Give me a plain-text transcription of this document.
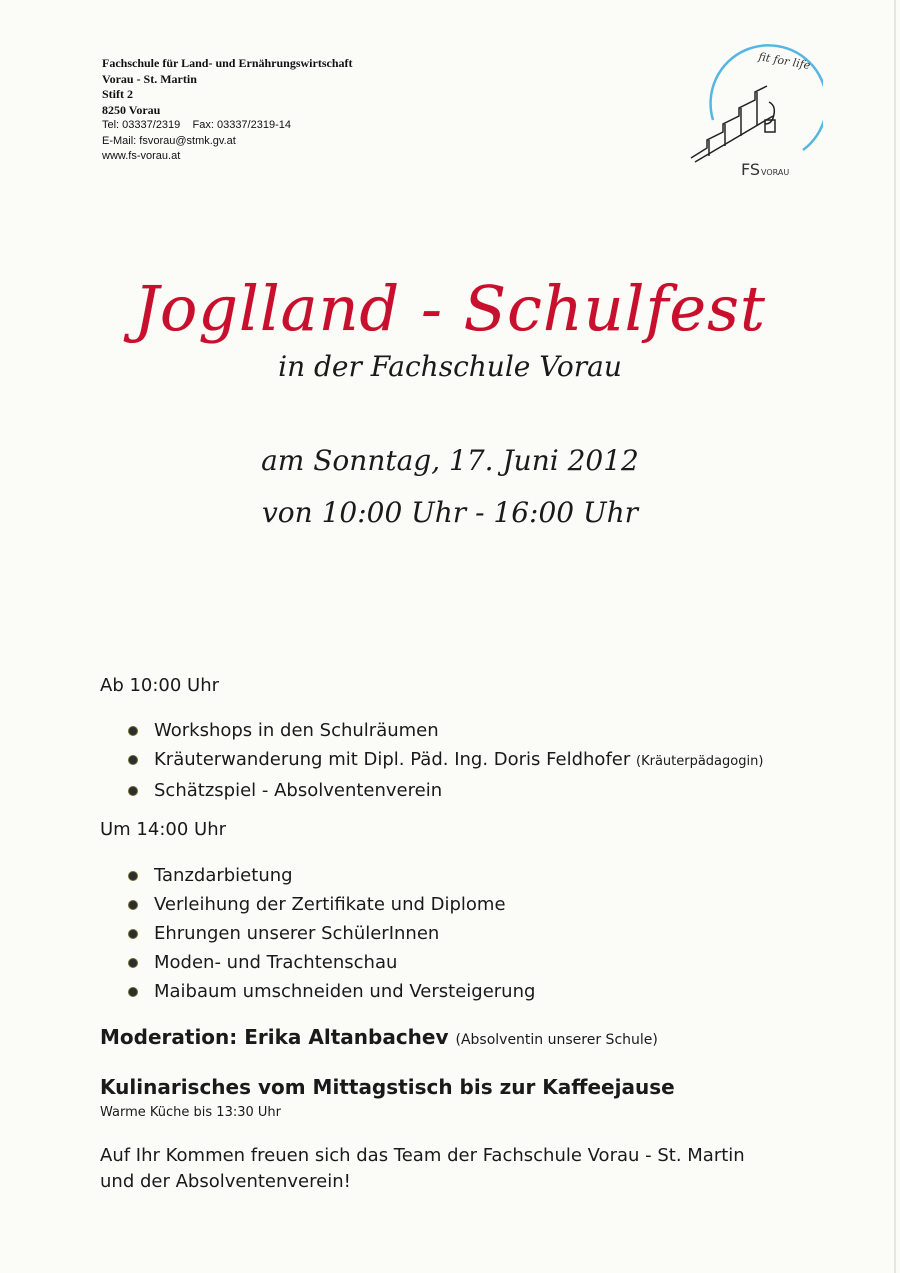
Fachschule für Land- und Ernährungswirtschaft
Vorau - St. Martin
Stift 2
8250 Vorau
Tel: 03337/2319    Fax: 03337/2319-14
E-Mail: fsvorau@stmk.gv.at
www.fs-vorau.at
fit for life
FS VORAU
Joglland - Schulfest
in der Fachschule Vorau
am Sonntag, 17. Juni 2012
von 10:00 Uhr - 16:00 Uhr
Ab 10:00 Uhr
Workshops in den Schulräumen
Kräuterwanderung mit Dipl. Päd. Ing. Doris Feldhofer (Kräuterpädagogin)
Schätzspiel - Absolventenverein
Um 14:00 Uhr
Tanzdarbietung
Verleihung der Zertifikate und Diplome
Ehrungen unserer SchülerInnen
Moden- und Trachtenschau
Maibaum umschneiden und Versteigerung
Moderation: Erika Altanbachev (Absolventin unserer Schule)
Kulinarisches vom Mittagstisch bis zur Kaffeejause
Warme Küche bis 13:30 Uhr
Auf Ihr Kommen freuen sich das Team der Fachschule Vorau - St. Martin
und der Absolventenverein!
